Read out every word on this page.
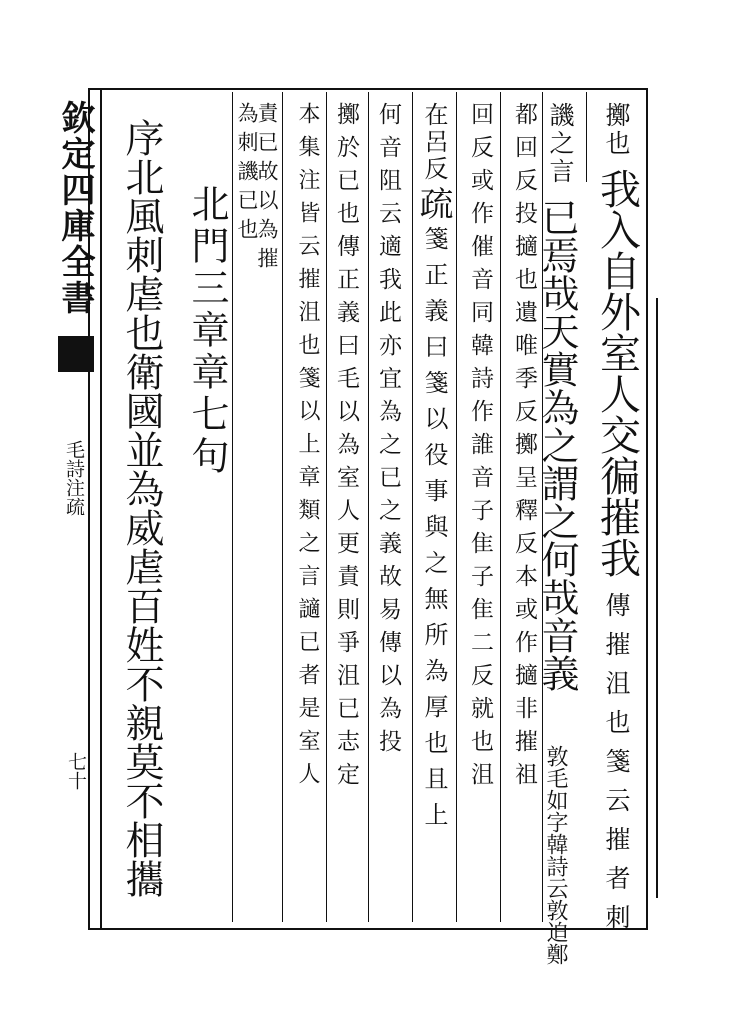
欽定四庫全書
毛詩注疏
七十
擲也
我入自外室人交徧摧我
傳摧沮也箋云摧者刺
譏之言
已焉哉天實為之謂之何哉音義
敦毛如字韓詩云敦迫鄭
都回反投擿也遺唯季反擲呈釋反本或作擿非摧祖
回反或作催音同韓詩作誰音子隹子隹二反就也沮
在呂反
疏
箋正義曰箋以役事與之無所為厚也且上
何音阻云適我此亦宜為之已之義故易傳以為投
擲於已也傳正義曰毛以為室人更責則爭沮已志定
本集注皆云摧沮也箋以上章類之言讁已者是室人
責已故以為摧
為刺譏已也
北門三章章七句
序北風刺虐也衛國並為威虐百姓不親莫不相攜
